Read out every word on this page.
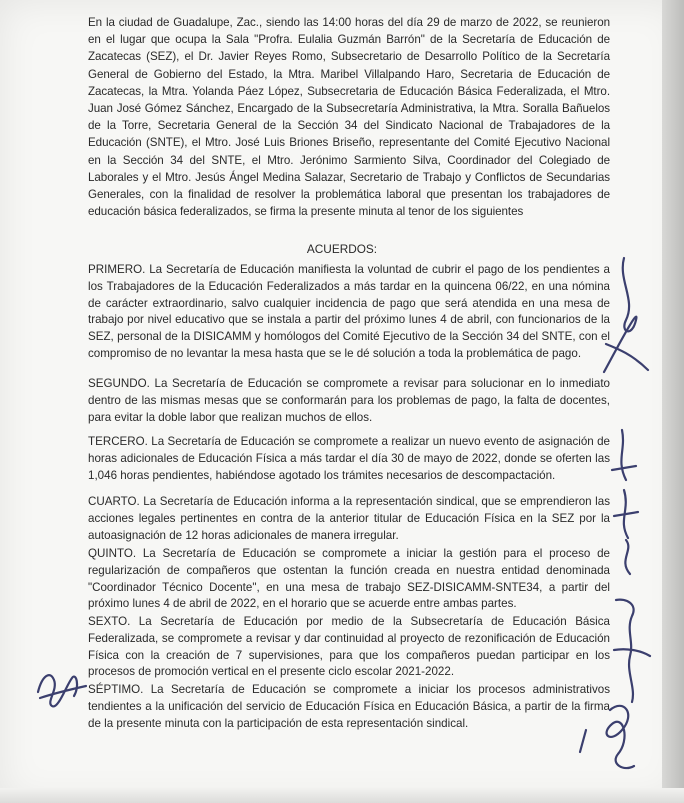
En la ciudad de Guadalupe, Zac., siendo las 14:00 horas del día 29 de marzo de 2022, se reunieron en el lugar que ocupa la Sala "Profra. Eulalia Guzmán Barrón" de la Secretaría de Educación de Zacatecas (SEZ), el Dr. Javier Reyes Romo, Subsecretario de Desarrollo Político de la Secretaría General de Gobierno del Estado, la Mtra. Maribel Villalpando Haro, Secretaria de Educación de Zacatecas, la Mtra. Yolanda Páez López, Subsecretaria de Educación Básica Federalizada, el Mtro. Juan José Gómez Sánchez, Encargado de la Subsecretaría Administrativa, la Mtra. Soralla Bañuelos de la Torre, Secretaria General de la Sección 34 del Sindicato Nacional de Trabajadores de la Educación (SNTE), el Mtro. José Luis Briones Briseño, representante del Comité Ejecutivo Nacional en la Sección 34 del SNTE, el Mtro. Jerónimo Sarmiento Silva, Coordinador del Colegiado de Laborales y el Mtro. Jesús Ángel Medina Salazar, Secretario de Trabajo y Conflictos de Secundarias Generales, con la finalidad de resolver la problemática laboral que presentan los trabajadores de educación básica federalizados, se firma la presente minuta al tenor de los siguientes
ACUERDOS:
PRIMERO. La Secretaría de Educación manifiesta la voluntad de cubrir el pago de los pendientes a los Trabajadores de la Educación Federalizados a más tardar en la quincena 06/22, en una nómina de carácter extraordinario, salvo cualquier incidencia de pago que será atendida en una mesa de trabajo por nivel educativo que se instala a partir del próximo lunes 4 de abril, con funcionarios de la SEZ, personal de la DISICAMM y homólogos del Comité Ejecutivo de la Sección 34 del SNTE, con el compromiso de no levantar la mesa hasta que se le dé solución a toda la problemática de pago.
SEGUNDO. La Secretaría de Educación se compromete a revisar para solucionar en lo inmediato dentro de las mismas mesas que se conformarán para los problemas de pago, la falta de docentes, para evitar la doble labor que realizan muchos de ellos.
TERCERO. La Secretaría de Educación se compromete a realizar un nuevo evento de asignación de horas adicionales de Educación Física a más tardar el día 30 de mayo de 2022, donde se oferten las 1,046 horas pendientes, habiéndose agotado los trámites necesarios de descompactación.
CUARTO. La Secretaría de Educación informa a la representación sindical, que se emprendieron las acciones legales pertinentes en contra de la anterior titular de Educación Física en la SEZ por la autoasignación de 12 horas adicionales de manera irregular.
QUINTO. La Secretaría de Educación se compromete a iniciar la gestión para el proceso de regularización de compañeros que ostentan la función creada en nuestra entidad denominada "Coordinador Técnico Docente", en una mesa de trabajo SEZ-DISICAMM-SNTE34, a partir del próximo lunes 4 de abril de 2022, en el horario que se acuerde entre ambas partes.
SEXTO. La Secretaría de Educación por medio de la Subsecretaría de Educación Básica Federalizada, se compromete a revisar y dar continuidad al proyecto de rezonificación de Educación Física con la creación de 7 supervisiones, para que los compañeros puedan participar en los procesos de promoción vertical en el presente ciclo escolar 2021-2022.
SÉPTIMO. La Secretaría de Educación se compromete a iniciar los procesos administrativos tendientes a la unificación del servicio de Educación Física en Educación Básica, a partir de la firma de la presente minuta con la participación de esta representación sindical.
